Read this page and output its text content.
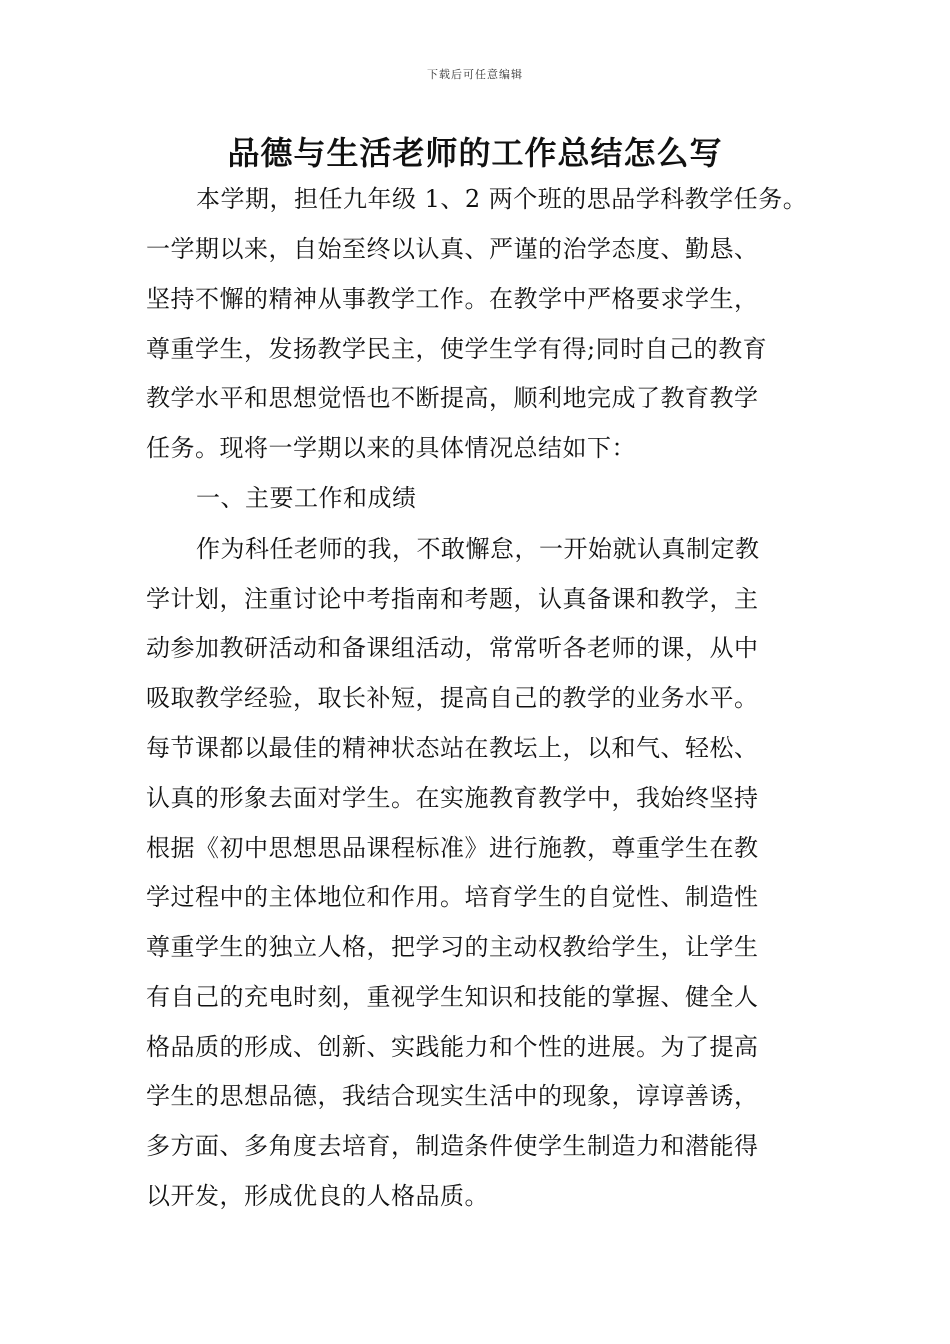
下载后可任意编辑
品德与生活老师的工作总结怎么写
本学期，担任九年级 1、2 两个班的思品学科教学任务。
一学期以来，自始至终以认真、严谨的治学态度、勤恳、
坚持不懈的精神从事教学工作。在教学中严格要求学生，
尊重学生，发扬教学民主，使学生学有得;同时自己的教育
教学水平和思想觉悟也不断提高，顺利地完成了教育教学
任务。现将一学期以来的具体情况总结如下：
一、主要工作和成绩
作为科任老师的我，不敢懈怠，一开始就认真制定教
学计划，注重讨论中考指南和考题，认真备课和教学，主
动参加教研活动和备课组活动，常常听各老师的课，从中
吸取教学经验，取长补短，提高自己的教学的业务水平。
每节课都以最佳的精神状态站在教坛上，以和气、轻松、
认真的形象去面对学生。在实施教育教学中，我始终坚持
根据《初中思想思品课程标准》进行施教，尊重学生在教
学过程中的主体地位和作用。培育学生的自觉性、制造性
尊重学生的独立人格，把学习的主动权教给学生，让学生
有自己的充电时刻，重视学生知识和技能的掌握、健全人
格品质的形成、创新、实践能力和个性的进展。为了提高
学生的思想品德，我结合现实生活中的现象，谆谆善诱，
多方面、多角度去培育，制造条件使学生制造力和潜能得
以开发，形成优良的人格品质。
